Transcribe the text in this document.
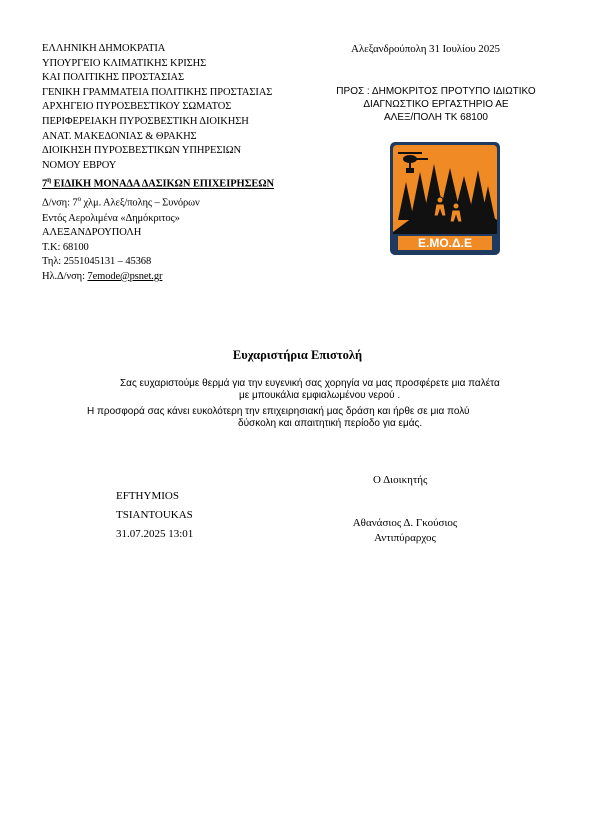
ΕΛΛΗΝΙΚΗ ΔΗΜΟΚΡΑΤΙΑ
ΥΠΟΥΡΓΕΙΟ ΚΛΙΜΑΤΙΚΗΣ ΚΡΙΣΗΣ
ΚΑΙ ΠΟΛΙΤΙΚΗΣ ΠΡΟΣΤΑΣΙΑΣ
ΓΕΝΙΚΗ ΓΡΑΜΜΑΤΕΙΑ ΠΟΛΙΤΙΚΗΣ ΠΡΟΣΤΑΣΙΑΣ
ΑΡΧΗΓΕΙΟ ΠΥΡΟΣΒΕΣΤΙΚΟΥ ΣΩΜΑΤΟΣ
ΠΕΡΙΦΕΡΕΙΑΚΗ ΠΥΡΟΣΒΕΣΤΙΚΗ ΔΙΟΙΚΗΣΗ
ΑΝΑΤ. ΜΑΚΕΔΟΝΙΑΣ & ΘΡΑΚΗΣ
ΔΙΟΙΚΗΣΗ ΠΥΡΟΣΒΕΣΤΙΚΩΝ ΥΠΗΡΕΣΙΩΝ
ΝΟΜΟΥ ΕΒΡΟΥ
$7^\eta$ ΕΙΔΙΚΗ ΜΟΝΑΔΑ ΔΑΣΙΚΩΝ ΕΠΙΧΕΙΡΗΣΕΩΝ
Δ/νση: $7^o$ χλμ. Αλεξ/πολης – Συνόρων
Εντός Αερολιμένα «Δημόκριτος»
ΑΛΕΞΑΝΔΡΟΥΠΟΛΗ
Τ.Κ: 68100
Τηλ: 2551045131 – 45368
Ηλ.Δ/νση: 7emode@psnet.gr
Αλεξανδρούπολη 31 Ιουλίου 2025
ΠΡΟΣ : ΔΗΜΟΚΡΙΤΟΣ ΠΡΟΤΥΠΟ ΙΔΙΩΤΙΚΟ
ΔΙΑΓΝΩΣΤΙΚΟ ΕΡΓΑΣΤΗΡΙΟ ΑΕ
ΑΛΕΞ/ΠΟΛΗ ΤΚ 68100
Ε.ΜΟ.Δ.Ε
Ευχαριστήρια Επιστολή
Σας ευχαριστούμε θερμά για την ευγενική σας χορηγία να μας προσφέρετε μια παλέτα
με μπουκάλια εμφιαλωμένου νερού .
Η προσφορά σας κάνει ευκολότερη την επιχειρησιακή μας δράση και ήρθε σε μια πολύ
δύσκολη και απαιτητική περίοδο για εμάς.
EFTHYMIOS
TSIANTOUKAS
31.07.2025 13:01
Ο Διοικητής
Αθανάσιος Δ. Γκούσιος
Αντιπύραρχος
